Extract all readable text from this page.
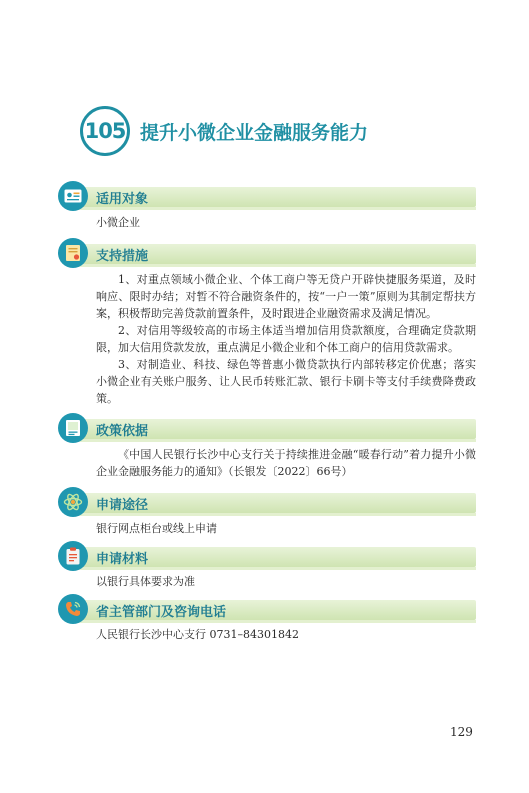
105 提升小微企业金融服务能力
适用对象
小微企业
支持措施
1、对重点领域小微企业、个体工商户等无贷户开辟快捷服务渠道，及时响应、限时办结；对暂不符合融资条件的，按“一户一策”原则为其制定帮扶方案，积极帮助完善贷款前置条件，及时跟进企业融资需求及满足情况。
2、对信用等级较高的市场主体适当增加信用贷款额度，合理确定贷款期限，加大信用贷款发放，重点满足小微企业和个体工商户的信用贷款需求。
3、对制造业、科技、绿色等普惠小微贷款执行内部转移定价优惠；落实小微企业有关账户服务、让人民币转账汇款、银行卡刷卡等支付手续费降费政策。
政策依据
《中国人民银行长沙中心支行关于持续推进金融“暖春行动”着力提升小微企业金融服务能力的通知》（长银发〔2022〕66号）
申请途径
银行网点柜台或线上申请
申请材料
以银行具体要求为准
省主管部门及咨询电话
人民银行长沙中心支行 0731–84301842
129
